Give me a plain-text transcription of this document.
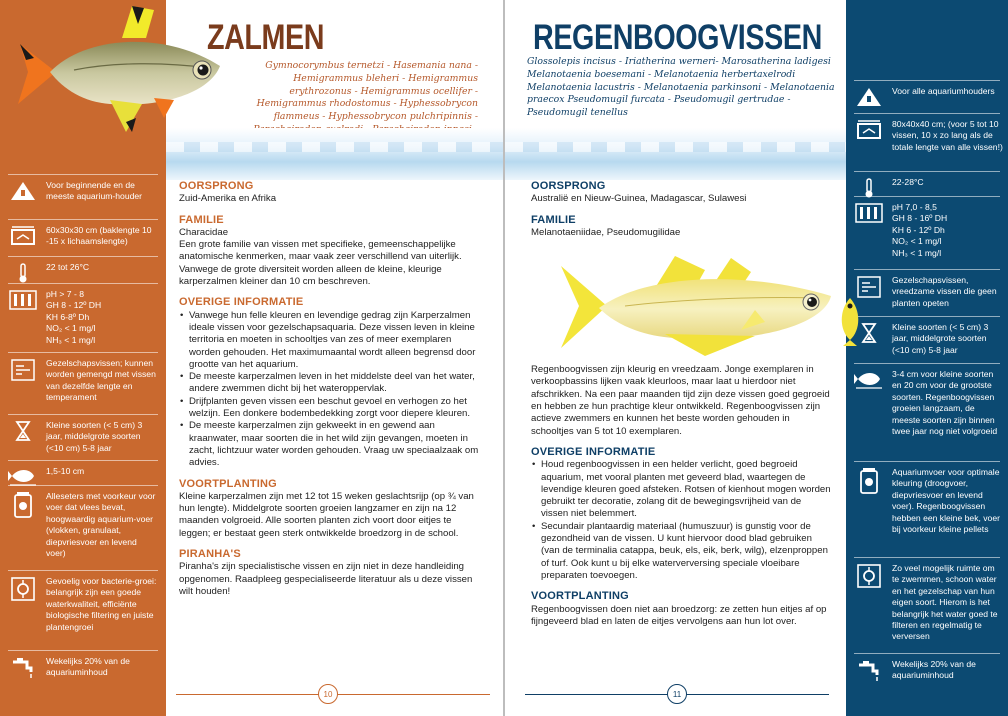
Voor beginnende en de meeste aquarium-houder
60x30x30 cm (baklengte 10 -15 x lichaamslengte)
22 tot 26°C
pH > 7 - 8
GH 8 - 12º DH
KH 6-8º Dh
NO₂ < 1 mg/l
NH₃ < 1 mg/l
Gezelschapsvissen; kunnen worden gemengd met vissen van dezelfde lengte en temperament
Kleine soorten (< 5 cm) 3 jaar, middelgrote soorten (<10 cm) 5-8 jaar
1,5-10 cm
Alleseters met voorkeur voor voer dat vlees bevat, hoogwaardig aquarium-voer (vlokken, granulaat, diepvriesvoer en levend voer)
Gevoelig voor bacterie-groei: belangrijk zijn een goede waterkwaliteit, efficiënte biologische filtering en juiste plantengroei
Wekelijks 20% van de aquariuminhoud
ZALMEN
Gymnocorymbus ternetzi - Hasemania nana - Hemigrammus bleheri - Hemigrammus erythrozonus - Hemigrammus ocellifer - Hemigrammus rhodostomus - Hyphessobrycon flammeus - Hyphessobrycon pulchripinnis -
OORSPRONG
Zuid-Amerika en Afrika
FAMILIE
Characidae
Een grote familie van vissen met specifieke, gemeenschappelijke anatomische kenmerken, maar vaak zeer verschillend van uiterlijk. Vanwege de grote diversiteit worden alleen de kleine, kleurige karperzalmen kleiner dan 10 cm beschreven.
OVERIGE INFORMATIE
• Vanwege hun felle kleuren en levendige gedrag zijn Karperzalmen ideale vissen voor gezelschapsaquaria. Deze vissen leven in kleine territoria en moeten in schooltjes van zes of meer exemplaren worden gehouden. Het maximumaantal wordt alleen begrensd door grootte van het aquarium.
• De meeste karperzalmen leven in het middelste deel van het water, andere zwemmen dicht bij het wateroppervlak.
• Drijfplanten geven vissen een beschut gevoel en verhogen zo het welzijn. Een donkere bodembedekking zorgt voor diepere kleuren.
• De meeste karperzalmen zijn gekweekt in en gewend aan kraanwater, maar soorten die in het wild zijn gevangen, moeten in zacht, lichtzuur water worden gehouden. Vraag uw speciaalzaak om advies.
VOORTPLANTING
Kleine karperzalmen zijn met 12 tot 15 weken geslachtsrijp (op ¾ van hun lengte). Middelgrote soorten groeien langzamer en zijn na 12 maanden volgroeid. Alle soorten planten zich voort door eitjes te leggen; er bestaat geen sterk ontwikkelde broedzorg in de school.
PIRANHA'S
Piranha's zijn specialistische vissen en zijn niet in deze handleiding opgenomen. Raadpleeg gespecialiseerde literatuur als u deze vissen wilt houden!
10
REGENBOOGVISSEN
Glossolepis incisus - Iriatherina werneri- Marosatherina ladigesi Melanotaenia boesemani - Melanotaenia herbertaxelrodi Melanotaenia lacustris - Melanotaenia parkinsoni - Melanotaenia praecox Pseudomugil furcata - Pseudomugil gertrudae - Pseudomugil tenellus
OORSPRONG
Australië en Nieuw-Guinea, Madagascar, Sulawesi
FAMILIE
Melanotaeniidae, Pseudomugilidae
Regenboogvissen zijn kleurig en vreedzaam. Jonge exemplaren in verkoopbassins lijken vaak kleurloos, maar laat u hierdoor niet afschrikken. Na een paar maanden tijd zijn deze vissen goed gegroeid en hebben ze hun prachtige kleur ontwikkeld. Regenboogvissen zijn actieve zwemmers en kunnen het beste worden gehouden in schooltjes van 5 tot 10 exemplaren.
OVERIGE INFORMATIE
• Houd regenboogvissen in een helder verlicht, goed begroeid aquarium, met vooral planten met geveerd blad, waartegen de levendige kleuren goed afsteken. Rotsen of kienhout mogen worden gebruikt ter decoratie, zolang dit de bewegingsvrijheid van de vissen niet belemmert.
• Secundair plantaardig materiaal (humuszuur) is gunstig voor de gezondheid van de vissen. U kunt hiervoor dood blad gebruiken (van de terminalia catappa, beuk, els, eik, berk, wilg), elzenproppen of turf. Ook kunt u bij elke waterverversing speciale vloeibare preparaten toevoegen.
VOORTPLANTING
Regenboogvissen doen niet aan broedzorg: ze zetten hun eitjes af op fijngeveerd blad en laten de eitjes vervolgens aan hun lot over.
Voor alle aquariumhouders
80x40x40 cm; (voor 5 tot 10 vissen, 10 x zo lang als de totale lengte van alle vissen!)
22-28°C
pH 7,0 - 8,5
GH 8 - 16º DH
KH 6 - 12º Dh
NO₂ < 1 mg/l
NH₃ < 1 mg/l
Gezelschapsvissen, vreedzame vissen die geen planten opeten
Kleine soorten (< 5 cm) 3 jaar, middelgrote soorten (<10 cm) 5-8 jaar
3-4 cm voor kleine soorten en 20 cm voor de grootste soorten. Regenboogvissen groeien langzaam, de meeste soorten zijn binnen twee jaar nog niet volgroeid
Aquariumvoer voor optimale kleuring (droogvoer, diepvriesvoer en levend voer). Regenboogvissen hebben een kleine bek, voer bij voorkeur kleine pellets
Zo veel mogelijk ruimte om te zwemmen, schoon water en het gezelschap van hun eigen soort. Hierom is het belangrijk het water goed te filteren en regelmatig te verversen
Wekelijks 20% van de aquariuminhoud
11
